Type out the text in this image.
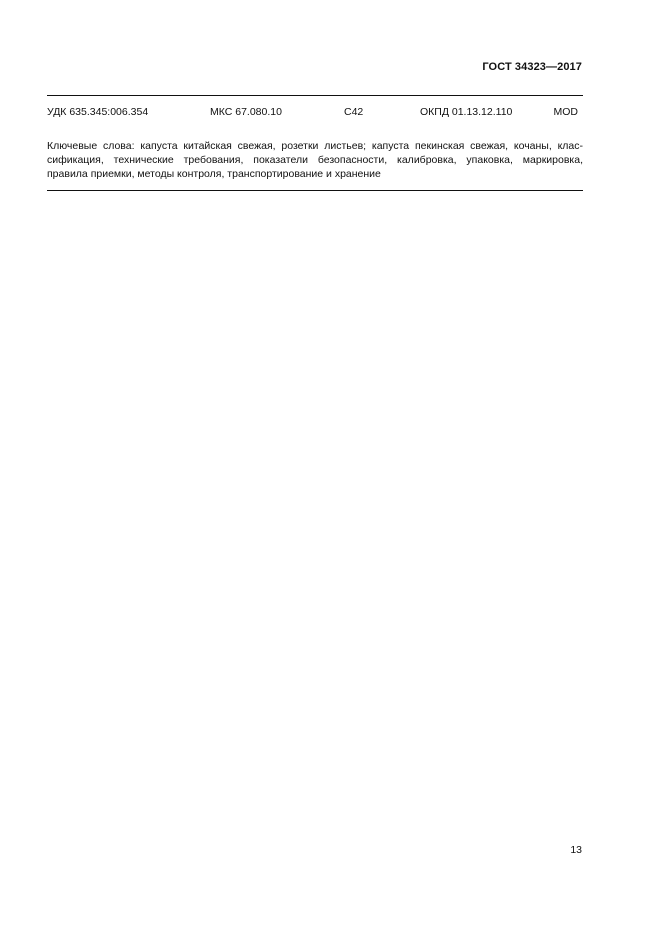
ГОСТ 34323—2017
УДК 635.345:006.354	МКС 67.080.10	С42	ОКПД 01.13.12.110	MOD
Ключевые слова: капуста китайская свежая, розетки листьев; капуста пекинская свежая, кочаны, клас-
сификация, технические требования, показатели безопасности, калибровка, упаковка, маркировка,
правила приемки, методы контроля, транспортирование и хранение
13
